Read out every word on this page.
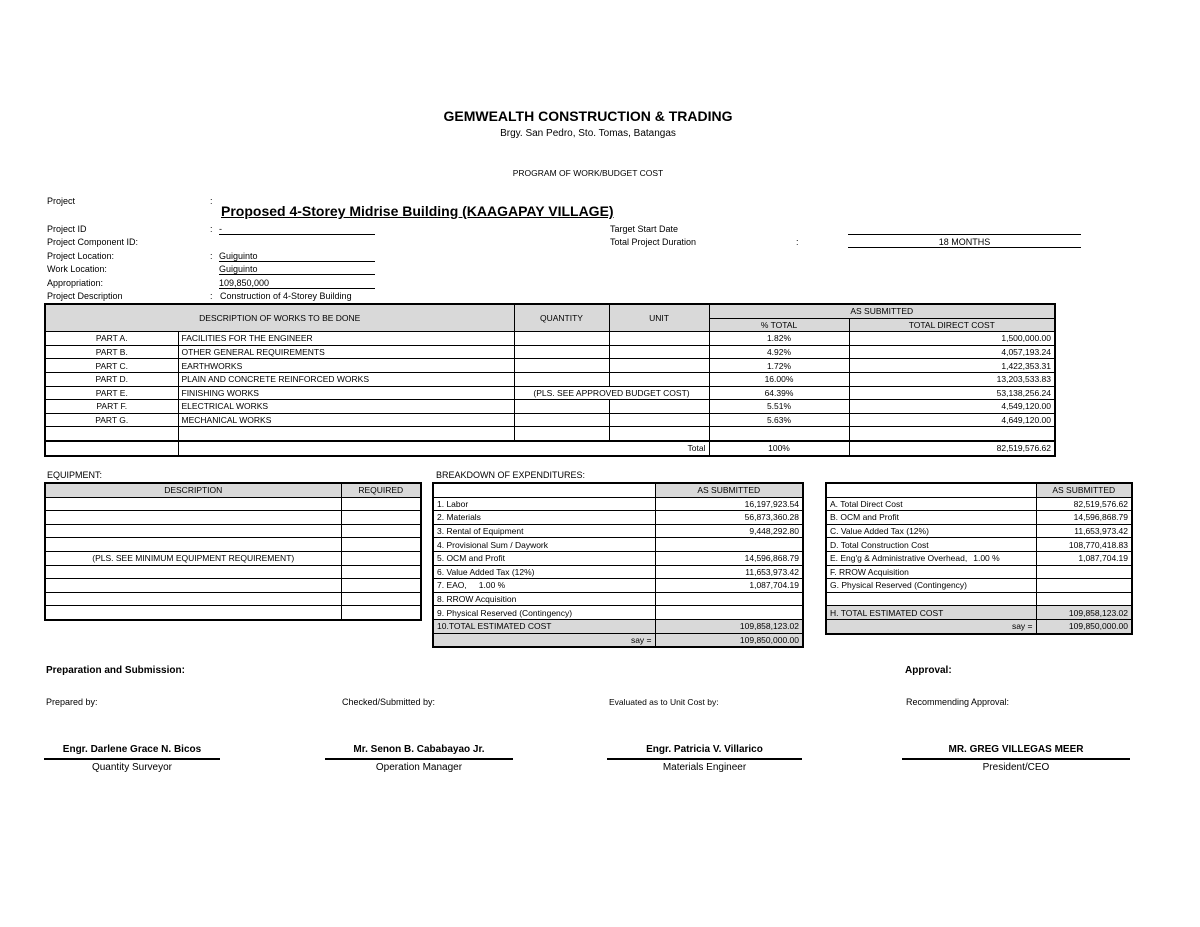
GEMWEALTH CONSTRUCTION & TRADING
Brgy. San Pedro, Sto. Tomas, Batangas
PROGRAM OF WORK/BUDGET COST
Project	:
Proposed 4-Storey Midrise Building (KAAGAPAY VILLAGE)
Project ID	: -
Project Component ID:
Project Location:	: Guiguinto
Work Location:	Guiguinto
Appropriation:	109,850,000
Project Description	: Construction of 4-Storey Building
Target Start Date
Total Project Duration	:	18 MONTHS
DESCRIPTION OF WORKS TO BE DONE		QUANTITY	UNIT	AS SUBMITTED	
				% TOTAL	TOTAL DIRECT COST
PART A.	FACILITIES FOR THE ENGINEER			1.82%	1,500,000.00
PART B.	OTHER GENERAL REQUIREMENTS			4.92%	4,057,193.24
PART C.	EARTHWORKS			1.72%	1,422,353.31
PART D.	PLAIN AND CONCRETE REINFORCED WORKS			16.00%	13,203,533.83
PART E.	FINISHING WORKS	(PLS. SEE APPROVED BUDGET COST)		64.39%	53,138,256.24
PART F.	ELECTRICAL WORKS			5.51%	4,549,120.00
PART G.	MECHANICAL WORKS			5.63%	4,649,120.00

		Total		100%	82,519,576.62
EQUIPMENT:
DESCRIPTION	REQUIRED

(PLS. SEE MINIMUM EQUIPMENT REQUIREMENT)	

BREAKDOWN OF EXPENDITURES:
	AS SUBMITTED
1. Labor	16,197,923.54
2. Materials	56,873,360.28
3. Rental of Equipment	9,448,292.80
4. Provisional Sum / Daywork	
5. OCM and Profit	14,596,868.79
6. Value Added Tax (12%)	11,653,973.42
7. EAO, 1.00 %	1,087,704.19
8. RROW Acquisition	
9. Physical Reserved (Contingency)	
10.TOTAL ESTIMATED COST	109,858,123.02
say =	109,850,000.00
	AS SUBMITTED
A. Total Direct Cost	82,519,576.62
B. OCM and Profit	14,596,868.79
C. Value Added Tax (12%)	11,653,973.42
D. Total Construction Cost	108,770,418.83
E. Eng'g & Administrative Overhead, 1.00 %	1,087,704.19
F. RROW Acquisition	
G. Physical Reserved (Contingency)	

H. TOTAL ESTIMATED COST	109,858,123.02
say =	109,850,000.00
Preparation and Submission:	Approval:
Prepared by:	Checked/Submitted by:	Evaluated as to Unit Cost by:	Recommending Approval:
Engr. Darlene Grace N. Bicos
Quantity Surveyor
Mr. Senon B. Cababayao Jr.
Operation Manager
Engr. Patricia V. Villarico
Materials Engineer
MR. GREG VILLEGAS MEER
President/CEO
